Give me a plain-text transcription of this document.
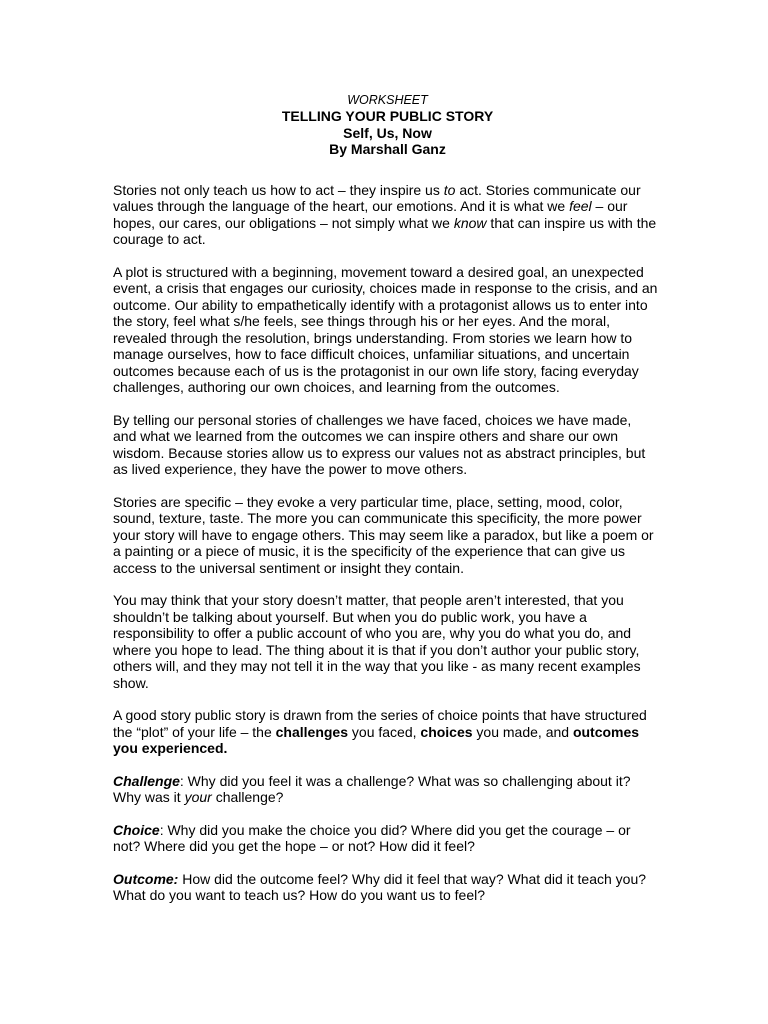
WORKSHEET
TELLING YOUR PUBLIC STORY
Self, Us, Now
By Marshall Ganz

Stories not only teach us how to act – they inspire us to act. Stories communicate our values through the language of the heart, our emotions. And it is what we feel – our hopes, our cares, our obligations – not simply what we know that can inspire us with the courage to act.

A plot is structured with a beginning, movement toward a desired goal, an unexpected event, a crisis that engages our curiosity, choices made in response to the crisis, and an outcome. Our ability to empathetically identify with a protagonist allows us to enter into the story, feel what s/he feels, see things through his or her eyes. And the moral, revealed through the resolution, brings understanding. From stories we learn how to manage ourselves, how to face difficult choices, unfamiliar situations, and uncertain outcomes because each of us is the protagonist in our own life story, facing everyday challenges, authoring our own choices, and learning from the outcomes.

By telling our personal stories of challenges we have faced, choices we have made, and what we learned from the outcomes we can inspire others and share our own wisdom. Because stories allow us to express our values not as abstract principles, but as lived experience, they have the power to move others.

Stories are specific – they evoke a very particular time, place, setting, mood, color, sound, texture, taste. The more you can communicate this specificity, the more power your story will have to engage others. This may seem like a paradox, but like a poem or a painting or a piece of music, it is the specificity of the experience that can give us access to the universal sentiment or insight they contain.

You may think that your story doesn’t matter, that people aren’t interested, that you shouldn’t be talking about yourself. But when you do public work, you have a responsibility to offer a public account of who you are, why you do what you do, and where you hope to lead. The thing about it is that if you don’t author your public story, others will, and they may not tell it in the way that you like - as many recent examples show.

A good story public story is drawn from the series of choice points that have structured the “plot” of your life – the challenges you faced, choices you made, and outcomes you experienced.

Challenge: Why did you feel it was a challenge? What was so challenging about it? Why was it your challenge?

Choice: Why did you make the choice you did? Where did you get the courage – or not? Where did you get the hope – or not? How did it feel?

Outcome: How did the outcome feel? Why did it feel that way? What did it teach you? What do you want to teach us? How do you want us to feel?
